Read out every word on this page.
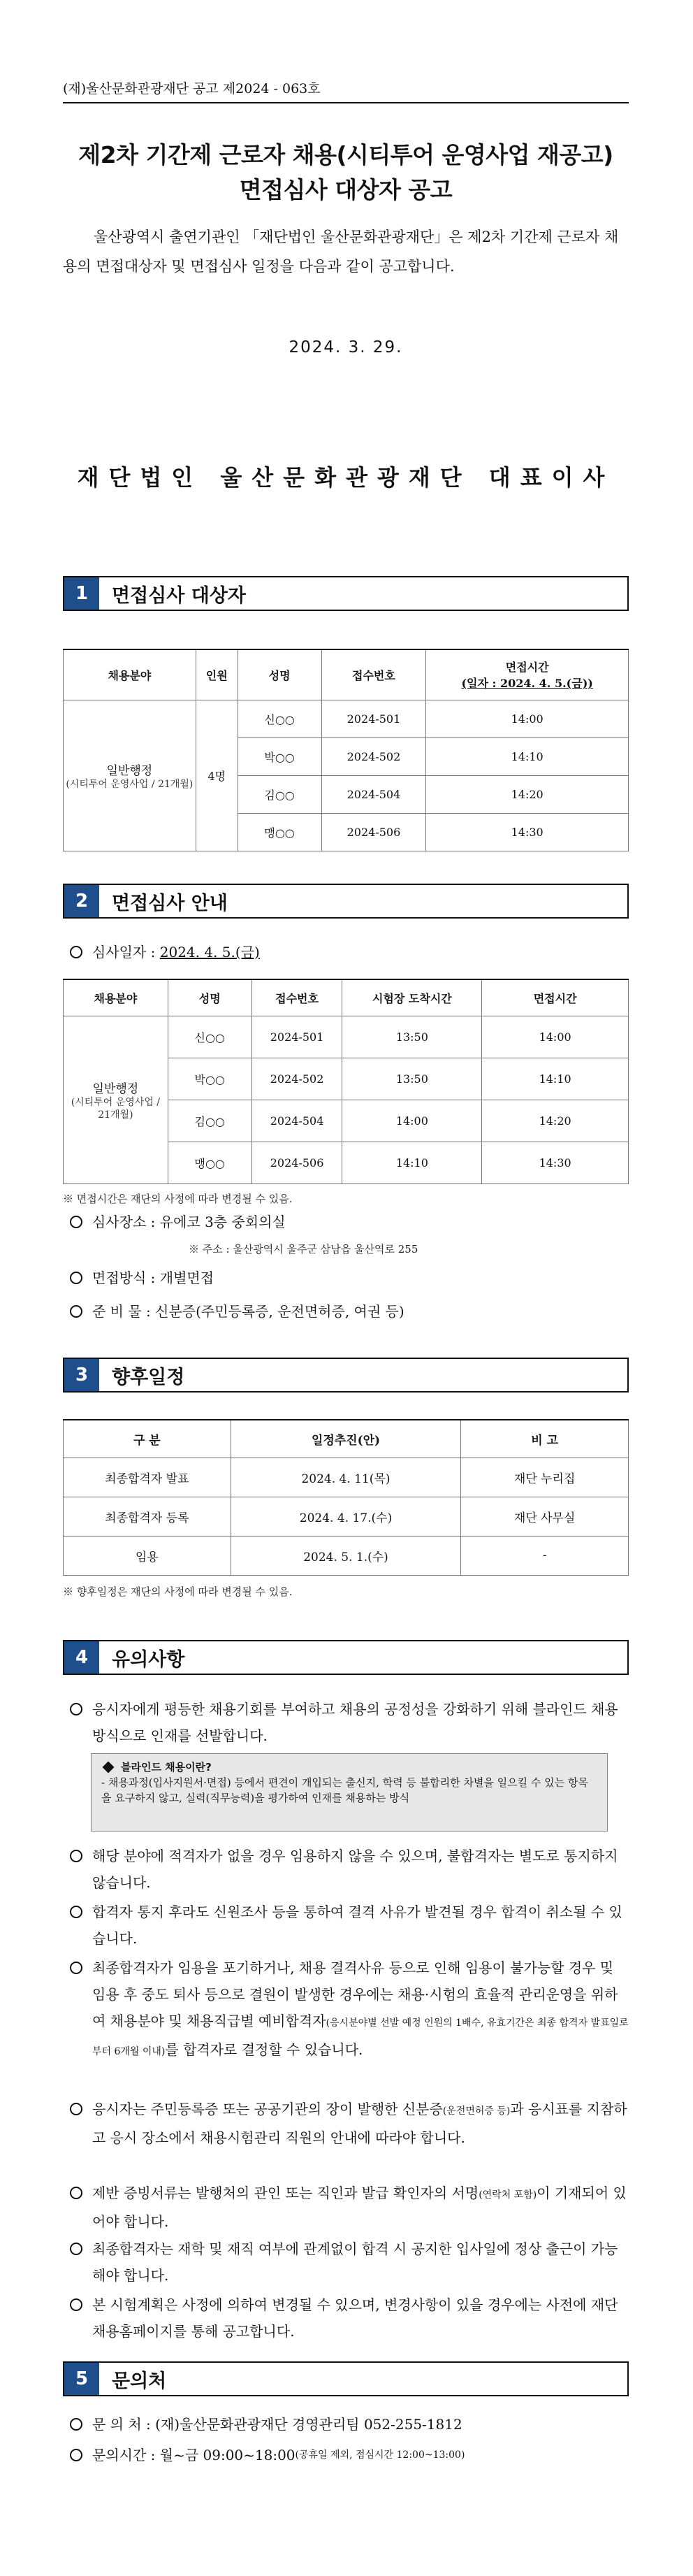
(재)울산문화관광재단 공고 제2024 - 063호
제2차 기간제 근로자 채용(시티투어 운영사업 재공고)
면접심사 대상자 공고
울산광역시 출연기관인 「재단법인 울산문화관광재단」은 제2차 기간제 근로자 채용의 면접대상자 및 면접심사 일정을 다음과 같이 공고합니다.
2024. 3. 29.
재단법인 울산문화관광재단 대표이사
1	면접심사 대상자
채용분야	인원	성명	접수번호	면접시간
(일자 : 2024. 4. 5.(금))

일반행정
(시티투어 운영사업 / 21개월)	4명	신○○	2024-501	14:00
		박○○	2024-502	14:10
		김○○	2024-504	14:20
		맹○○	2024-506	14:30
2	면접심사 안내
심사일자 :
2024. 4. 5.(금)
채용분야	성명	접수번호	시험장 도착시간	면접시간

일반행정
(시티투어 운영사업 / 21개월)	신○○	2024-501	13:50	14:00
	박○○	2024-502	13:50	14:10
	김○○	2024-504	14:00	14:20
	맹○○	2024-506	14:10	14:30
※ 면접시간은 재단의 사정에 따라 변경될 수 있음.
심사장소 :
유에코 3층 중회의실
※ 주소 : 울산광역시 울주군 삼남읍 울산역로 255
면접방식 :
개별면접
준 비 물 :
신분증(주민등록증, 운전면허증, 여권 등)
3	향후일정
구 분	일정추진(안)	비 고
최종합격자 발표	2024. 4. 11(목)	재단 누리집
최종합격자 등록	2024. 4. 17.(수)	재단 사무실
임용	2024. 5. 1.(수)	-
※ 향후일정은 재단의 사정에 따라 변경될 수 있음.
4	유의사항
응시자에게 평등한 채용기회를 부여하고 채용의 공정성을 강화하기 위해 블라인드 채용방식으로 인재를 선발합니다.
블라인드 채용이란?
- 채용과정(입사지원서·면접) 등에서 편견이 개입되는 출신지, 학력 등 불합리한 차별을 일으킬 수 있는 항목을 요구하지 않고, 실력(직무능력)을 평가하여 인재를 채용하는 방식
해당 분야에 적격자가 없을 경우 임용하지 않을 수 있으며, 불합격자는 별도로 통지하지 않습니다.
합격자 통지 후라도 신원조사 등을 통하여 결격 사유가 발견될 경우 합격이 취소될 수 있습니다.
최종합격자가 임용을 포기하거나, 채용 결격사유 등으로 인해 임용이 불가능할 경우 및 임용 후 중도 퇴사 등으로 결원이 발생한 경우에는 채용·시험의 효율적 관리운영을 위하여 채용분야 및 채용직급별 예비합격자(응시분야별 선발 예정 인원의 1배수, 유효기간은 최종 합격자 발표일로부터 6개월 이내)를 합격자로 결정할 수 있습니다.
응시자는 주민등록증 또는 공공기관의 장이 발행한 신분증(운전면허증 등)과 응시표를 지참하고 응시 장소에서 채용시험관리 직원의 안내에 따라야 합니다.
제반 증빙서류는 발행처의 관인 또는 직인과 발급 확인자의 서명(연락처 포함)이 기재되어 있어야 합니다.
최종합격자는 재학 및 재직 여부에 관계없이 합격 시 공지한 입사일에 정상 출근이 가능해야 합니다.
본 시험계획은 사정에 의하여 변경될 수 있으며, 변경사항이 있을 경우에는 사전에 재단 채용홈페이지를 통해 공고합니다.
5	문의처
문 의 처 :
(재)울산문화관광재단 경영관리팀 052-255-1812
문의시간 :
월~금 09:00~18:00 (공휴일 제외, 점심시간 12:00~13:00)
